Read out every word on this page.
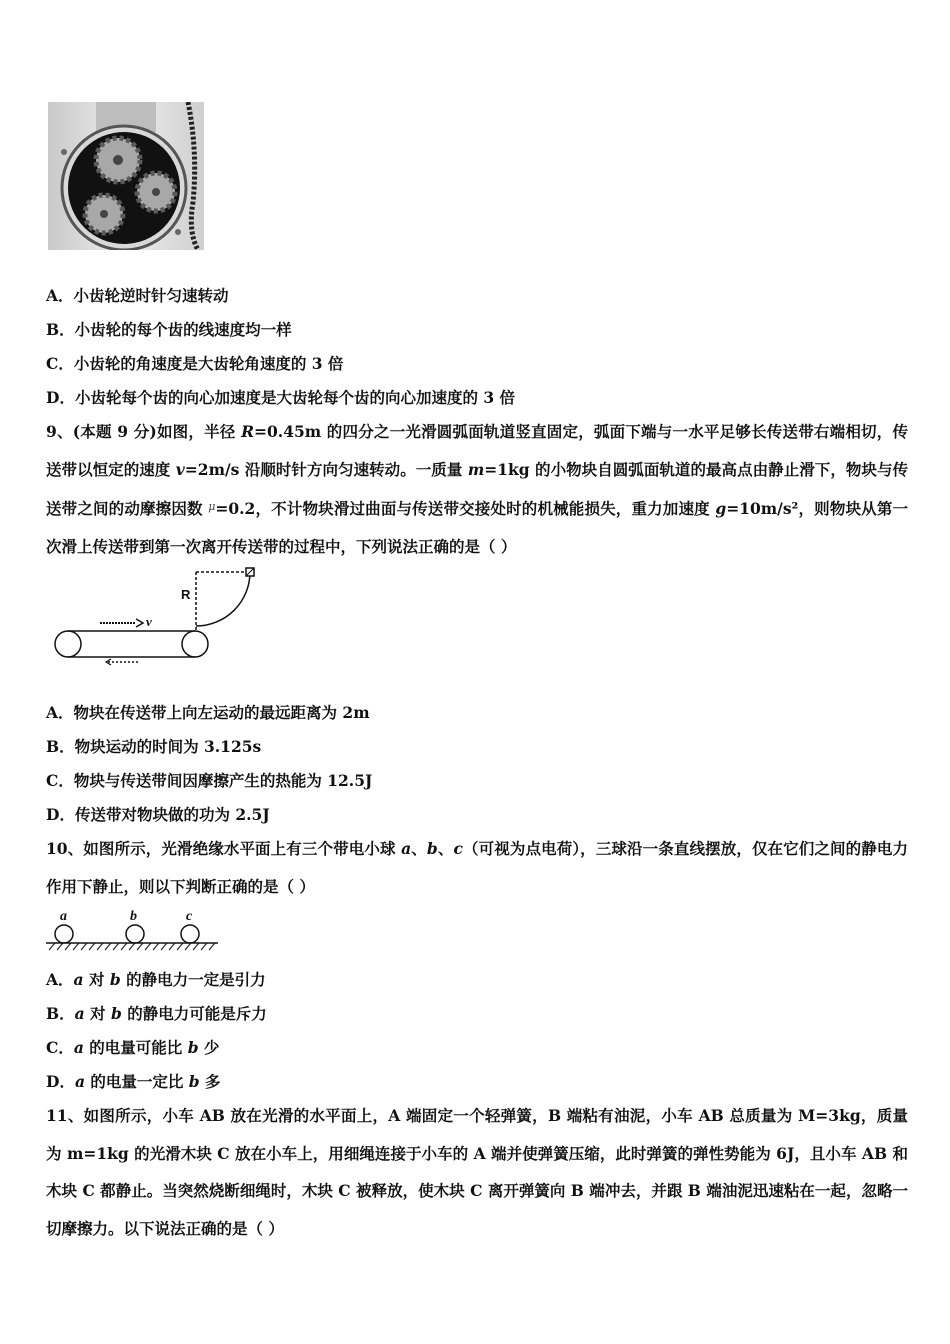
A．小齿轮逆时针匀速转动
B．小齿轮的每个齿的线速度均一样
C．小齿轮的角速度是大齿轮角速度的 3 倍
D．小齿轮每个齿的向心加速度是大齿轮每个齿的向心加速度的 3 倍
9、(本题 9 分)如图，半径 R=0.45m 的四分之一光滑圆弧面轨道竖直固定，弧面下端与一水平足够长传送带右端相切，传送带以恒定的速度 v=2m/s 沿顺时针方向匀速转动。一质量 m=1kg 的小物块自圆弧面轨道的最高点由静止滑下，物块与传送带之间的动摩擦因数 $^\mu$=0.2，不计物块滑过曲面与传送带交接处时的机械能损失，重力加速度 g=10m/s²，则物块从第一次滑上传送带到第一次离开传送带的过程中，下列说法正确的是（ ）
R
v
A．物块在传送带上向左运动的最远距离为 2m
B．物块运动的时间为 3.125s
C．物块与传送带间因摩擦产生的热能为 12.5J
D．传送带对物块做的功为 2.5J
10、如图所示，光滑绝缘水平面上有三个带电小球 a、b、c（可视为点电荷），三球沿一条直线摆放，仅在它们之间的静电力作用下静止，则以下判断正确的是（ ）
a	b	c
A．a 对 b 的静电力一定是引力
B．a 对 b 的静电力可能是斥力
C．a 的电量可能比 b 少
D．a 的电量一定比 b 多
11、如图所示，小车 AB 放在光滑的水平面上，A 端固定一个轻弹簧，B 端粘有油泥，小车 AB 总质量为 M=3kg，质量为 m=1kg 的光滑木块 C 放在小车上，用细绳连接于小车的 A 端并使弹簧压缩，此时弹簧的弹性势能为 6J，且小车 AB 和木块 C 都静止。当突然烧断细绳时，木块 C 被释放，使木块 C 离开弹簧向 B 端冲去，并跟 B 端油泥迅速粘在一起，忽略一切摩擦力。以下说法正确的是（ ）
